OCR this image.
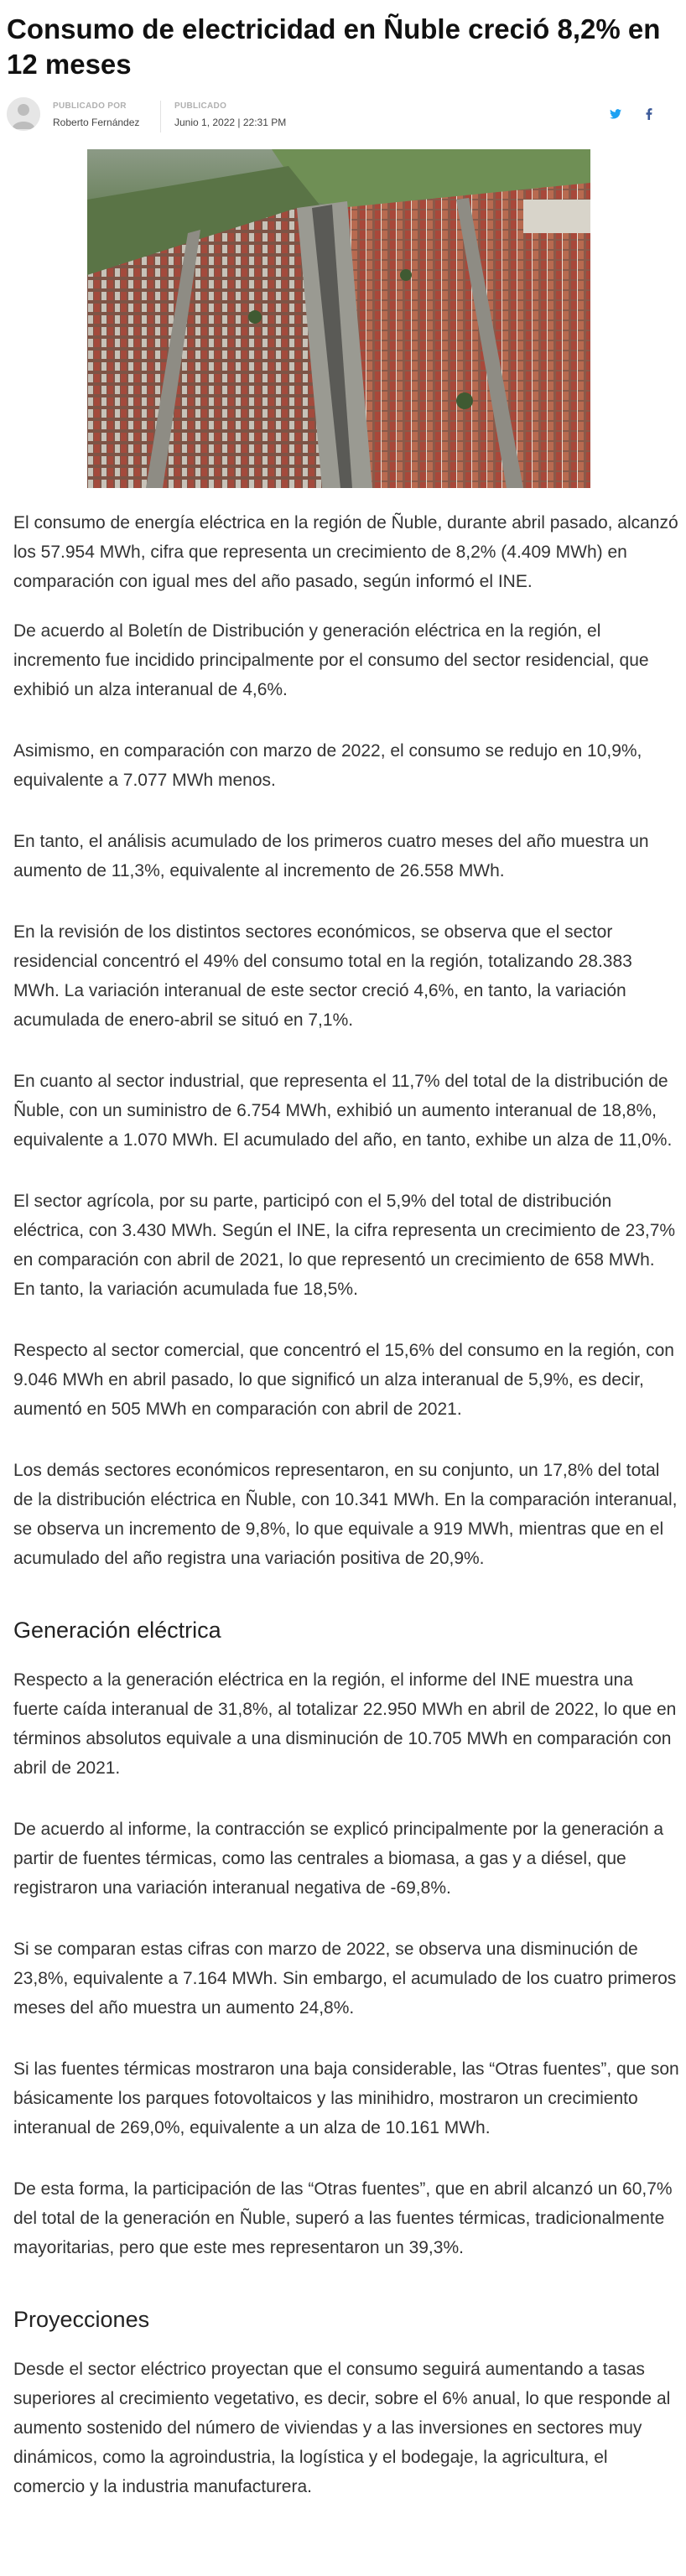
Consumo de electricidad en Ñuble creció 8,2% en 12 meses
PUBLICADO POR
Roberto Fernández
PUBLICADO
Junio 1, 2022 | 22:31 PM

El consumo de energía eléctrica en la región de Ñuble, durante abril pasado, alcanzó los 57.954 MWh, cifra que representa un crecimiento de 8,2% (4.409 MWh) en comparación con igual mes del año pasado, según informó el INE.

De acuerdo al Boletín de Distribución y generación eléctrica en la región, el incremento fue incidido principalmente por el consumo del sector residencial, que exhibió un alza interanual de 4,6%.

Asimismo, en comparación con marzo de 2022, el consumo se redujo en 10,9%, equivalente a 7.077 MWh menos.

En tanto, el análisis acumulado de los primeros cuatro meses del año muestra un aumento de 11,3%, equivalente al incremento de 26.558 MWh.

En la revisión de los distintos sectores económicos, se observa que el sector residencial concentró el 49% del consumo total en la región, totalizando 28.383 MWh. La variación interanual de este sector creció 4,6%, en tanto, la variación acumulada de enero-abril se situó en 7,1%.

En cuanto al sector industrial, que representa el 11,7% del total de la distribución de Ñuble, con un suministro de 6.754 MWh, exhibió un aumento interanual de 18,8%, equivalente a 1.070 MWh. El acumulado del año, en tanto, exhibe un alza de 11,0%.

El sector agrícola, por su parte, participó con el 5,9% del total de distribución eléctrica, con 3.430 MWh. Según el INE, la cifra representa un crecimiento de 23,7% en comparación con abril de 2021, lo que representó un crecimiento de 658 MWh. En tanto, la variación acumulada fue 18,5%.

Respecto al sector comercial, que concentró el 15,6% del consumo en la región, con 9.046 MWh en abril pasado, lo que significó un alza interanual de 5,9%, es decir, aumentó en 505 MWh en comparación con abril de 2021.

Los demás sectores económicos representaron, en su conjunto, un 17,8% del total de la distribución eléctrica en Ñuble, con 10.341 MWh. En la comparación interanual, se observa un incremento de 9,8%, lo que equivale a 919 MWh, mientras que en el acumulado del año registra una variación positiva de 20,9%.

Generación eléctrica

Respecto a la generación eléctrica en la región, el informe del INE muestra una fuerte caída interanual de 31,8%, al totalizar 22.950 MWh en abril de 2022, lo que en términos absolutos equivale a una disminución de 10.705 MWh en comparación con abril de 2021.

De acuerdo al informe, la contracción se explicó principalmente por la generación a partir de fuentes térmicas, como las centrales a biomasa, a gas y a diésel, que registraron una variación interanual negativa de -69,8%.

Si se comparan estas cifras con marzo de 2022, se observa una disminución de 23,8%, equivalente a 7.164 MWh. Sin embargo, el acumulado de los cuatro primeros meses del año muestra un aumento 24,8%.

Si las fuentes térmicas mostraron una baja considerable, las “Otras fuentes”, que son básicamente los parques fotovoltaicos y las minihidro, mostraron un crecimiento interanual de 269,0%, equivalente a un alza de 10.161 MWh.

De esta forma, la participación de las “Otras fuentes”, que en abril alcanzó un 60,7% del total de la generación en Ñuble, superó a las fuentes térmicas, tradicionalmente mayoritarias, pero que este mes representaron un 39,3%.

Proyecciones

Desde el sector eléctrico proyectan que el consumo seguirá aumentando a tasas superiores al crecimiento vegetativo, es decir, sobre el 6% anual, lo que responde al aumento sostenido del número de viviendas y a las inversiones en sectores muy dinámicos, como la agroindustria, la logística y el bodegaje, la agricultura, el comercio y la industria manufacturera.
